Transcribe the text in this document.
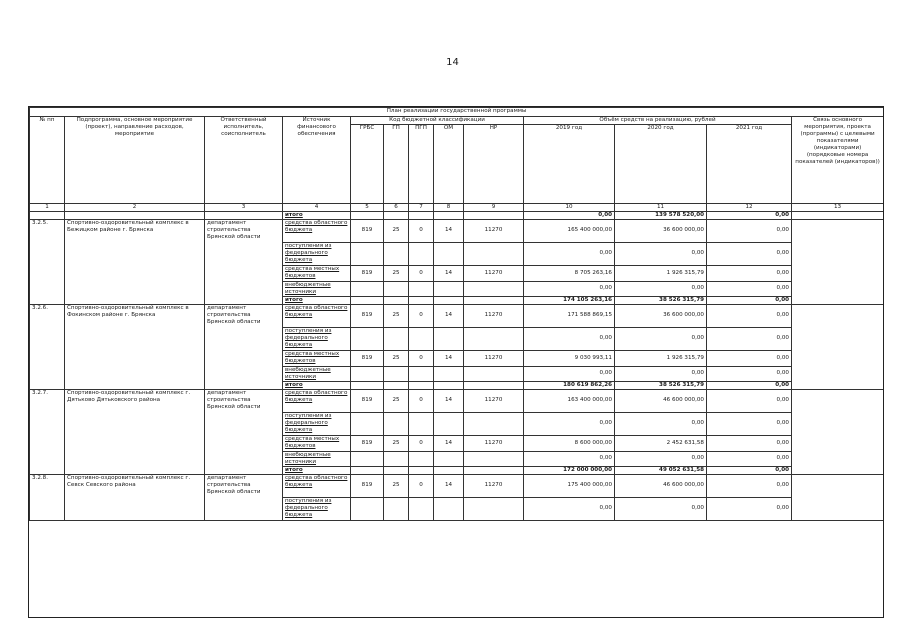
14
План реализации государственной программы												
№ пп	Подпрограмма, основное мероприятие (проект), направление расходов, мероприятие	Ответственный исполнитель, соисполнитель	Источник финансового обеспечения	Код бюджетной классификации					Объём средств на реализацию, рублей			Связь основного мероприятия, проекта (программы) с целевыми показателями (индикаторами) (порядковые номера показателей (индикаторов))
				ГРБС	ГП	ПГП	ОМ	НР	2019 год	2020 год	2021 год	
1	2	3	4	5	6	7	8	9	10	11	12	13
			итого						0,00	139 578 520,00	0,00	
3.2.5.	Спортивно-оздоровительный комплекс в Бежицком районе г. Брянска	департамент строительства Брянской области	средства областного бюджета	819	25	0	14	11270	165 400 000,00	36 600 000,00	0,00	
			поступления из федерального бюджета						0,00	0,00	0,00	
			средства местных бюджетов	819	25	0	14	11270	8 705 263,16	1 926 315,79	0,00	
			внебюджетные источники						0,00	0,00	0,00	
			итого						174 105 263,16	38 526 315,79	0,00	
3.2.6.	Спортивно-оздоровительный комплекс в Фокинском районе г. Брянска	департамент строительства Брянской области	средства областного бюджета	819	25	0	14	11270	171 588 869,15	36 600 000,00	0,00	
			поступления из федерального бюджета						0,00	0,00	0,00	
			средства местных бюджетов	819	25	0	14	11270	9 030 993,11	1 926 315,79	0,00	
			внебюджетные источники						0,00	0,00	0,00	
			итого						180 619 862,26	38 526 315,79	0,00	
3.2.7.	Спортивно-оздоровительный комплекс г. Дятьково Дятьковского района	департамент строительства Брянской области	средства областного бюджета	819	25	0	14	11270	163 400 000,00	46 600 000,00	0,00	
			поступления из федерального бюджета						0,00	0,00	0,00	
			средства местных бюджетов	819	25	0	14	11270	8 600 000,00	2 452 631,58	0,00	
			внебюджетные источники						0,00	0,00	0,00	
			итого						172 000 000,00	49 052 631,58	0,00	
3.2.8.	Спортивно-оздоровительный комплекс г. Севск Севского района	департамент строительства Брянской области	средства областного бюджета	819	25	0	14	11270	175 400 000,00	46 600 000,00	0,00	
			поступления из федерального бюджета						0,00	0,00	0,00	
